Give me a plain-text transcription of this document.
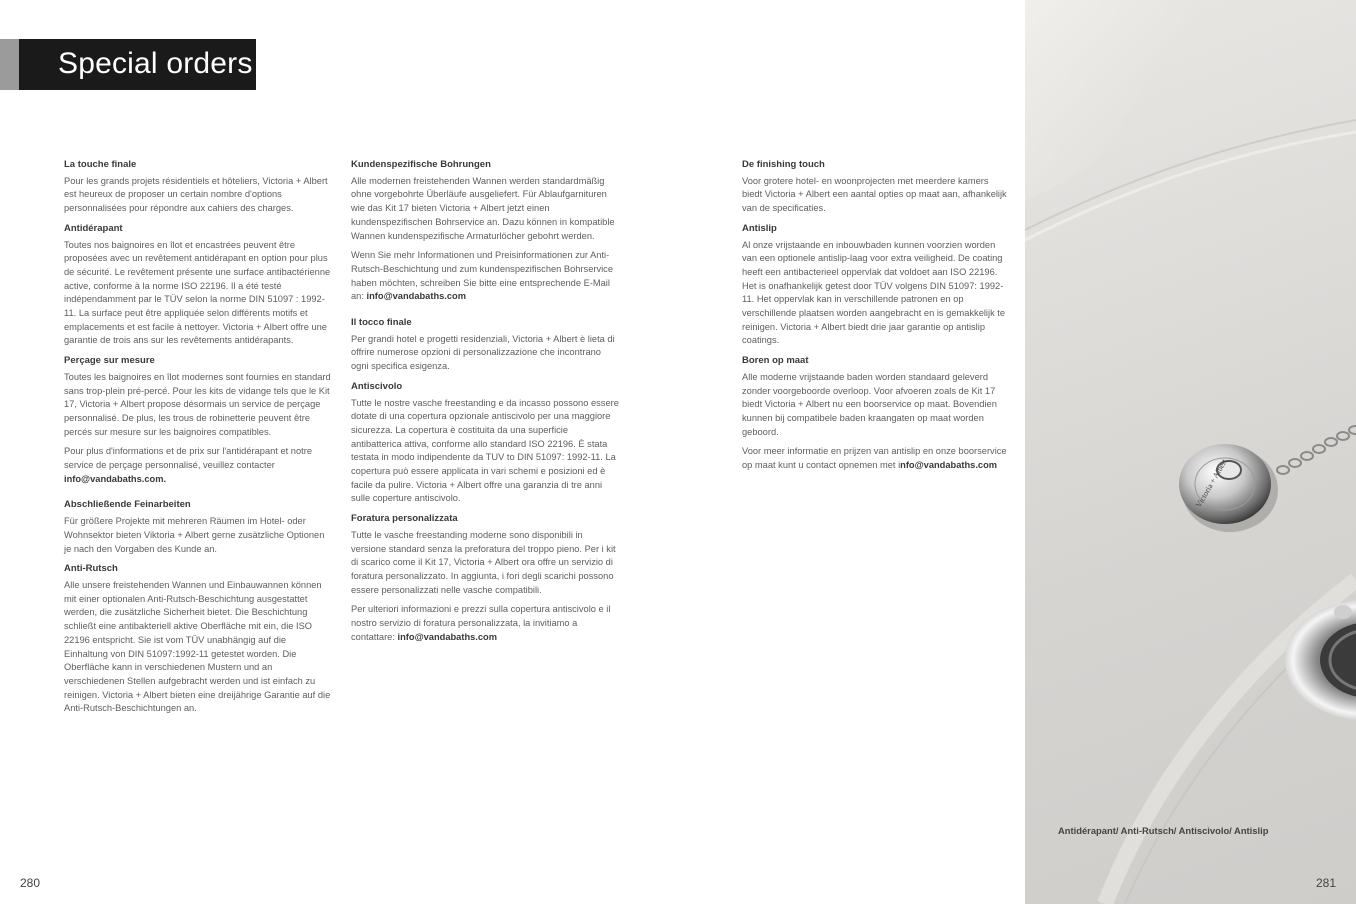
Special orders
La touche finale
Pour les grands projets résidentiels et hôteliers, Victoria + Albert est heureux de proposer un certain nombre d'options personnalisées pour répondre aux cahiers des charges.
Antidérapant
Toutes nos baignoires en îlot et encastrées peuvent être proposées avec un revêtement antidérapant en option pour plus de sécurité. Le revêtement présente une surface antibactérienne active, conforme à la norme ISO 22196. Il a été testé indépendamment par le TÜV selon la norme DIN 51097 : 1992-11. La surface peut être appliquée selon différents motifs et emplacements et est facile à nettoyer. Victoria + Albert offre une garantie de trois ans sur les revêtements antidérapants.
Perçage sur mesure
Toutes les baignoires en îlot modernes sont fournies en standard sans trop-plein pré-percé. Pour les kits de vidange tels que le Kit 17, Victoria + Albert propose désormais un service de perçage personnalisé. De plus, les trous de robinetterie peuvent être percés sur mesure sur les baignoires compatibles.
Pour plus d'informations et de prix sur l'antidérapant et notre service de perçage personnalisé, veuillez contacter info@vandabaths.com.
Abschließende Feinarbeiten
Für größere Projekte mit mehreren Räumen im Hotel- oder Wohnsektor bieten Viktoria + Albert gerne zusätzliche Optionen je nach den Vorgaben des Kunde an.
Anti-Rutsch
Alle unsere freistehenden Wannen und Einbauwannen können mit einer optionalen Anti-Rutsch-Beschichtung ausgestattet werden, die zusätzliche Sicherheit bietet. Die Beschichtung schließt eine antibakteriell aktive Oberfläche mit ein, die ISO 22196 entspricht. Sie ist vom TÜV unabhängig auf die Einhaltung von DIN 51097:1992-11 getestet worden. Die Oberfläche kann in verschiedenen Mustern und an verschiedenen Stellen aufgebracht werden und ist einfach zu reinigen. Victoria + Albert bieten eine dreijährige Garantie auf die Anti-Rutsch-Beschichtungen an.
Kundenspezifische Bohrungen
Alle modernen freistehenden Wannen werden standardmäßig ohne vorgebohrte Überläufe ausgeliefert. Für Ablaufgarnituren wie das Kit 17 bieten Victoria + Albert jetzt einen kundenspezifischen Bohrservice an. Dazu können in kompatible Wannen kundenspezifische Armaturlöcher gebohrt werden.
Wenn Sie mehr Informationen und Preisinformationen zur Anti-Rutsch-Beschichtung und zum kundenspezifischen Bohrservice haben möchten, schreiben Sie bitte eine entsprechende E-Mail an: info@vandabaths.com
Il tocco finale
Per grandi hotel e progetti residenziali, Victoria + Albert è lieta di offrire numerose opzioni di personalizzazione che incontrano ogni specifica esigenza.
Antiscivolo
Tutte le nostre vasche freestanding e da incasso possono essere dotate di una copertura opzionale antiscivolo per una maggiore sicurezza. La copertura è costituita da una superficie antibatterica attiva, conforme allo standard ISO 22196. È stata testata in modo indipendente da TUV to DIN 51097: 1992-11. La copertura può essere applicata in vari schemi e posizioni ed è facile da pulire. Victoria + Albert offre una garanzia di tre anni sulle coperture antiscivolo.
Foratura personalizzata
Tutte le vasche freestanding moderne sono disponibili in versione standard senza la preforatura del troppo pieno. Per i kit di scarico come il Kit 17, Victoria + Albert ora offre un servizio di foratura personalizzato. In aggiunta, i fori degli scarichi possono essere personalizzati nelle vasche compatibili.
Per ulteriori informazioni e prezzi sulla copertura antiscivolo e il nostro servizio di foratura personalizzata, la invitiamo a contattare: info@vandabaths.com
De finishing touch
Voor grotere hotel- en woonprojecten met meerdere kamers biedt Victoria + Albert een aantal opties op maat aan, afhankelijk van de specificaties.
Antislip
Al onze vrijstaande en inbouwbaden kunnen voorzien worden van een optionele antislip-laag voor extra veiligheid. De coating heeft een antibacterieel oppervlak dat voldoet aan ISO 22196. Het is onafhankelijk getest door TÜV volgens DIN 51097: 1992-11. Het oppervlak kan in verschillende patronen en op verschillende plaatsen worden aangebracht en is gemakkelijk te reinigen. Victoria + Albert biedt drie jaar garantie op antislip coatings.
Boren op maat
Alle moderne vrijstaande baden worden standaard geleverd zonder voorgeboorde overloop. Voor afvoeren zoals de Kit 17 biedt Victoria + Albert nu een boorservice op maat. Bovendien kunnen bij compatibele baden kraangaten op maat worden geboord.
Voor meer informatie en prijzen van antislip en onze boorservice op maat kunt u contact opnemen met info@vandabaths.com	Victoria + Albert
Antidérapant/ Anti-Rutsch/ Antiscivolo/ Antislip
280	281
